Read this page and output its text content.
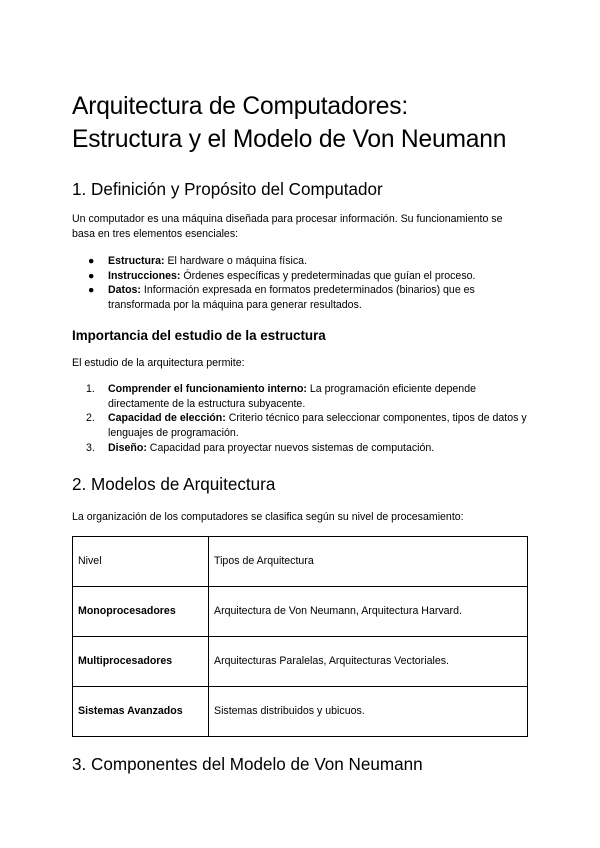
Arquitectura de Computadores:
Estructura y el Modelo de Von Neumann
1. Definición y Propósito del Computador

Un computador es una máquina diseñada para procesar información. Su funcionamiento se basa en tres elementos esenciales:

● Estructura: El hardware o máquina física.
● Instrucciones: Órdenes específicas y predeterminadas que guían el proceso.
● Datos: Información expresada en formatos predeterminados (binarios) que es transformada por la máquina para generar resultados.
Importancia del estudio de la estructura

El estudio de la arquitectura permite:

1. Comprender el funcionamiento interno: La programación eficiente depende directamente de la estructura subyacente.
2. Capacidad de elección: Criterio técnico para seleccionar componentes, tipos de datos y lenguajes de programación.
3. Diseño: Capacidad para proyectar nuevos sistemas de computación.
2. Modelos de Arquitectura

La organización de los computadores se clasifica según su nivel de procesamiento:

Nivel	Tipos de Arquitectura
Monoprocesadores	Arquitectura de Von Neumann, Arquitectura Harvard.
Multiprocesadores	Arquitecturas Paralelas, Arquitecturas Vectoriales.
Sistemas Avanzados	Sistemas distribuidos y ubicuos.
3. Componentes del Modelo de Von Neumann
